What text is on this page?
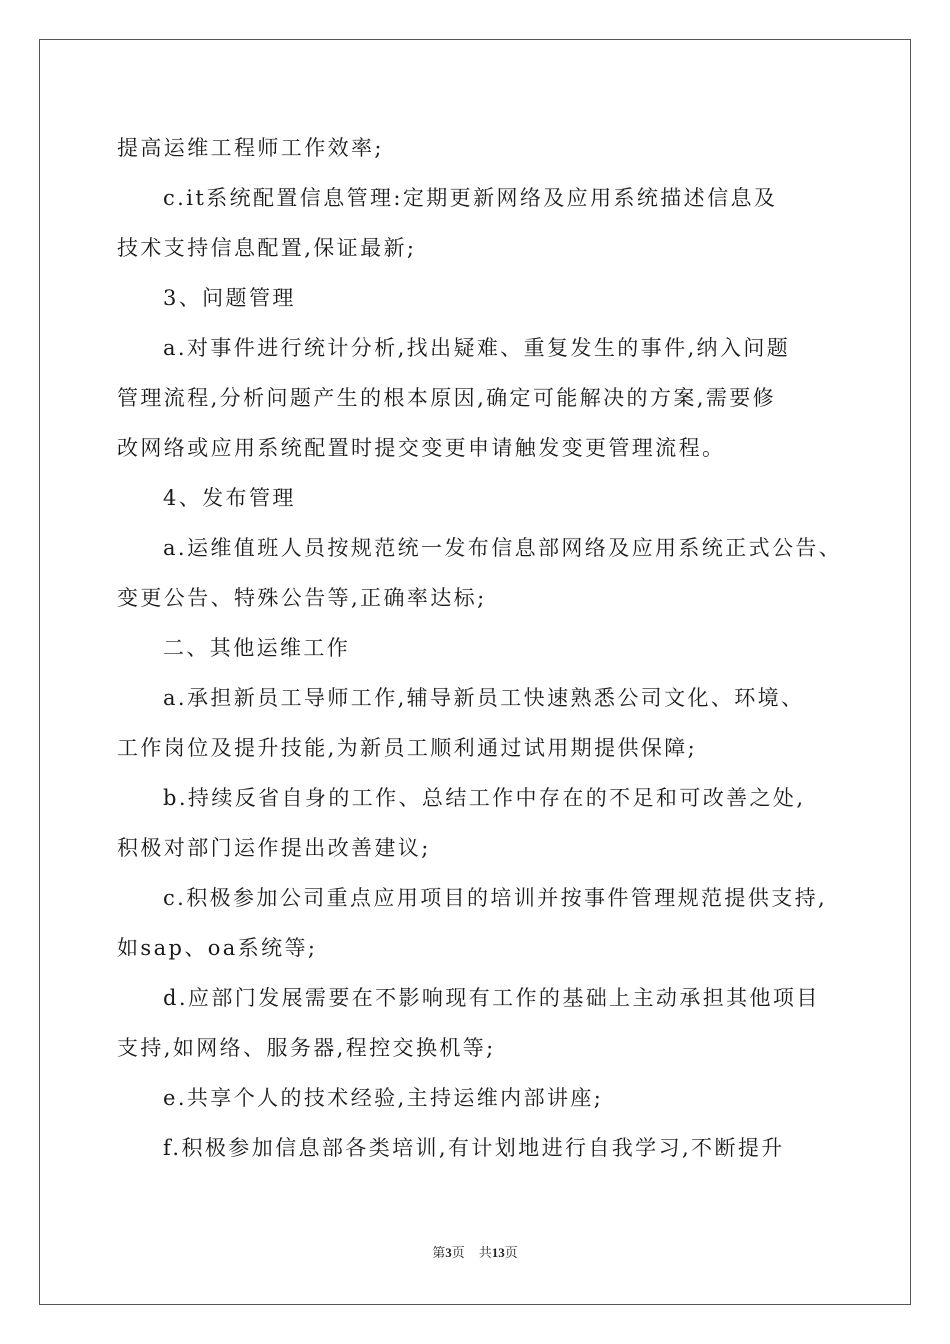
提高运维工程师工作效率;
c.it系统配置信息管理:定期更新网络及应用系统描述信息及
技术支持信息配置,保证最新;
3、问题管理
a.对事件进行统计分析,找出疑难、重复发生的事件,纳入问题
管理流程,分析问题产生的根本原因,确定可能解决的方案,需要修
改网络或应用系统配置时提交变更申请触发变更管理流程。
4、发布管理
a.运维值班人员按规范统一发布信息部网络及应用系统正式公告、
变更公告、特殊公告等,正确率达标;
二、其他运维工作
a.承担新员工导师工作,辅导新员工快速熟悉公司文化、环境、
工作岗位及提升技能,为新员工顺利通过试用期提供保障;
b.持续反省自身的工作、总结工作中存在的不足和可改善之处,
积极对部门运作提出改善建议;
c.积极参加公司重点应用项目的培训并按事件管理规范提供支持,
如sap、oa系统等;
d.应部门发展需要在不影响现有工作的基础上主动承担其他项目
支持,如网络、服务器,程控交换机等;
e.共享个人的技术经验,主持运维内部讲座;
f.积极参加信息部各类培训,有计划地进行自我学习,不断提升
第3页 共13页
